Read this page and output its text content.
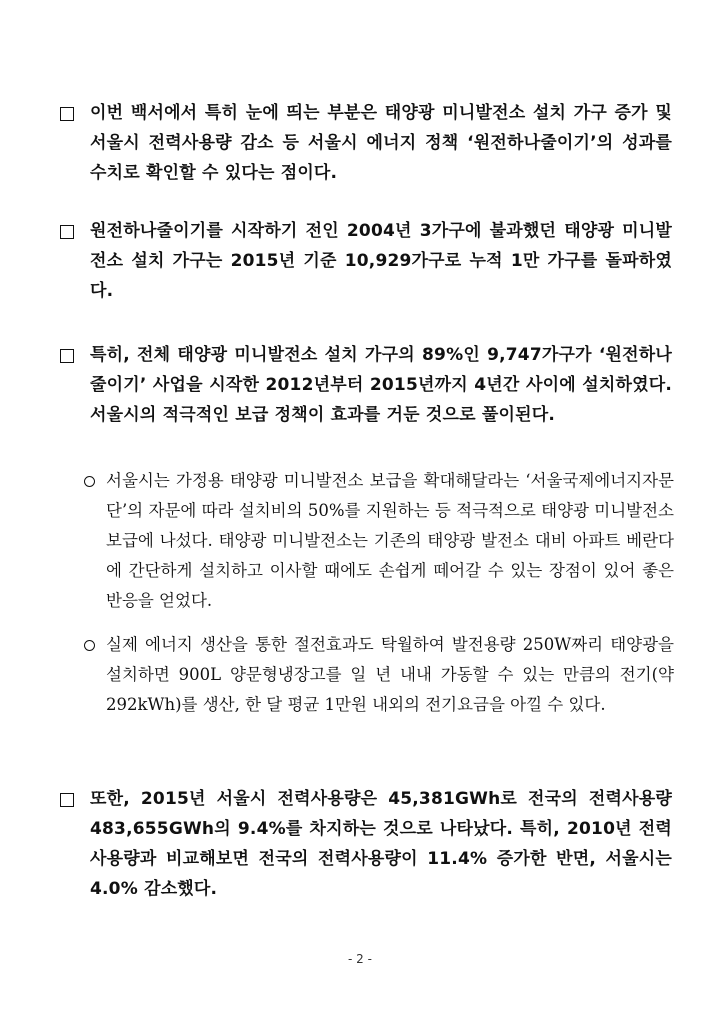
이번 백서에서 특히 눈에 띄는 부분은 태양광 미니발전소 설치 가구 증가 및 서울시 전력사용량 감소 등 서울시 에너지 정책 ‘원전하나줄이기’의 성과를 수치로 확인할 수 있다는 점이다.
원전하나줄이기를 시작하기 전인 2004년 3가구에 불과했던 태양광 미니발전소 설치 가구는 2015년 기준 10,929가구로 누적 1만 가구를 돌파하였다.
특히, 전체 태양광 미니발전소 설치 가구의 89%인 9,747가구가 ‘원전하나줄이기’ 사업을 시작한 2012년부터 2015년까지 4년간 사이에 설치하였다. 서울시의 적극적인 보급 정책이 효과를 거둔 것으로 풀이된다.
서울시는 가정용 태양광 미니발전소 보급을 확대해달라는 ‘서울국제에너지자문단’의 자문에 따라 설치비의 50%를 지원하는 등 적극적으로 태양광 미니발전소 보급에 나섰다. 태양광 미니발전소는 기존의 태양광 발전소 대비 아파트 베란다에 간단하게 설치하고 이사할 때에도 손쉽게 떼어갈 수 있는 장점이 있어 좋은 반응을 얻었다.
실제 에너지 생산을 통한 절전효과도 탁월하여 발전용량 250W짜리 태양광을 설치하면 900L 양문형냉장고를 일 년 내내 가동할 수 있는 만큼의 전기(약 292kWh)를 생산, 한 달 평균 1만원 내외의 전기요금을 아낄 수 있다.
또한, 2015년 서울시 전력사용량은 45,381GWh로 전국의 전력사용량 483,655GWh의 9.4%를 차지하는 것으로 나타났다. 특히, 2010년 전력사용량과 비교해보면 전국의 전력사용량이 11.4% 증가한 반면, 서울시는 4.0% 감소했다.
- 2 -
